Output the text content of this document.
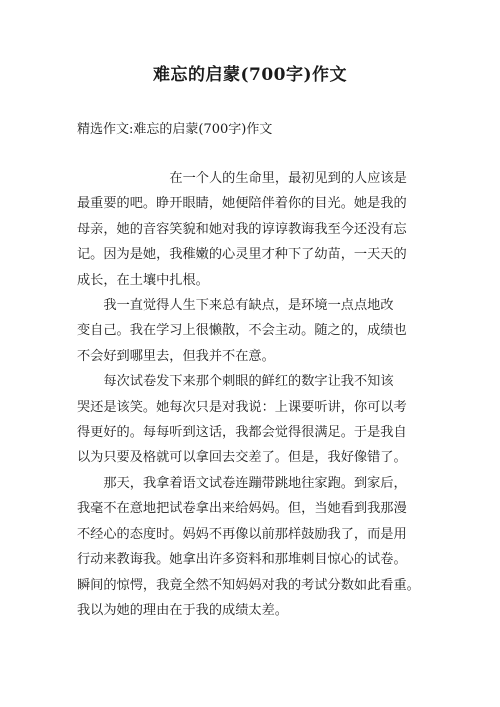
难忘的启蒙(700字)作文

精选作文:难忘的启蒙(700字)作文

在一个人的生命里，最初见到的人应该是
最重要的吧。睁开眼睛，她便陪伴着你的目光。她是我的
母亲，她的音容笑貌和她对我的谆谆教诲我至今还没有忘
记。因为是她，我稚嫩的心灵里才种下了幼苗，一天天的
成长，在土壤中扎根。

我一直觉得人生下来总有缺点，是环境一点点地改
变自己。我在学习上很懒散，不会主动。随之的，成绩也
不会好到哪里去，但我并不在意。

每次试卷发下来那个刺眼的鲜红的数字让我不知该
哭还是该笑。她每次只是对我说：上课要听讲，你可以考
得更好的。每每听到这话，我都会觉得很满足。于是我自
以为只要及格就可以拿回去交差了。但是，我好像错了。

那天，我拿着语文试卷连蹦带跳地往家跑。到家后，
我毫不在意地把试卷拿出来给妈妈。但，当她看到我那漫
不经心的态度时。妈妈不再像以前那样鼓励我了，而是用
行动来教诲我。她拿出许多资料和那堆刺目惊心的试卷。
瞬间的惊愕，我竟全然不知妈妈对我的考试分数如此看重。
我以为她的理由在于我的成绩太差。
